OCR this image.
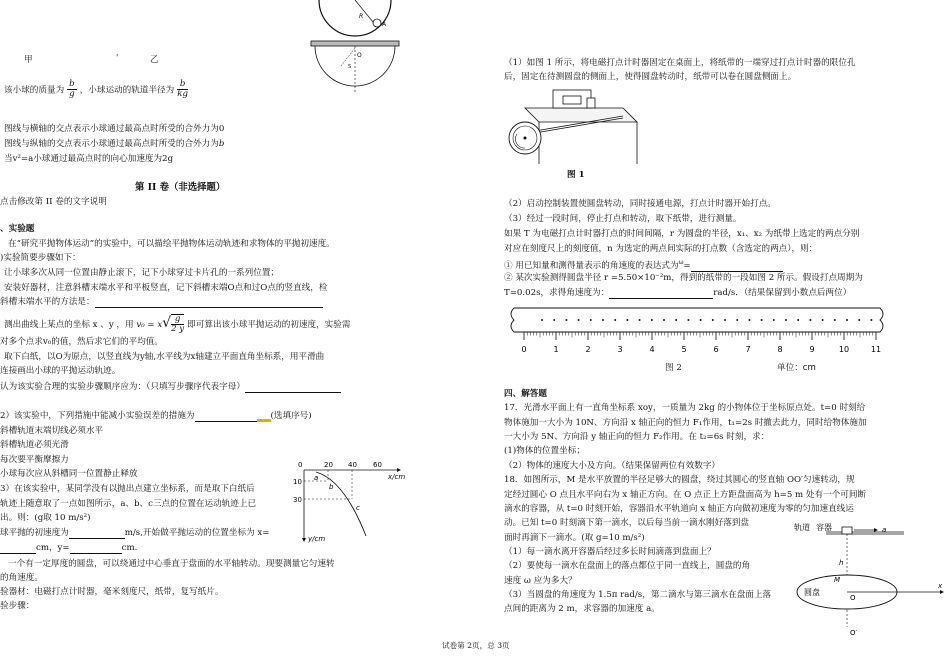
R
A
O
S
甲	'	乙
该小球的质量为 $\frac{b}{g}$ ，小球运动的轨道半径为 $\frac{b}{kg}$
图线与横轴的交点表示小球通过最高点时所受的合外力为0
图线与纵轴的交点表示小球通过最高点时所受的合外力为b
当v²=a小球通过最高点时的向心加速度为2g
第 II 卷（非选择题）
点击修改第 II 卷的文字说明
、实验题
在“研究平抛物体运动”的实验中，可以描绘平抛物体运动轨迹和求物体的平抛初速度。
)实验简要步骤如下：
让小球多次从同一位置由静止滚下，记下小球穿过卡片孔的一系列位置；
安装好器材，注意斜槽末端水平和平板竖直，记下斜槽末端O点和过O点的竖直线，检
斜槽末端水平的方法是：
测出曲线上某点的坐标 x 、y ，用 $v_0 = x√ \frac{g}{2 y}$ 即可算出该小球平抛运动的初速度，实验需
对多个点求v₀的值，然后求它们的平均值。
取下白纸，以O为原点，以竖直线为y轴,水平线为x轴建立平面直角坐标系，用平滑曲
连接画出小球的平抛运动轨迹。
认为该实验合理的实验步骤顺序应为：（只填写步骤序代表字母）
2）该实验中，下列措施中能减小实验误差的措施为	(选填序号)
斜槽轨道末端切线必须水平
斜槽轨道必须光滑
每次要平衡摩擦力
小球每次应从斜槽同一位置静止释放
3）在该实验中，某同学没有以抛出点建立坐标系，而是取下白纸后
轨迹上随意取了一点如图所示，a、b、c三点的位置在运动轨迹上已
出。则：(g取 10 m/s²)
球平抛的初速度为	m/s,开始做平抛运动的位置坐标为 x=
cm，y=	cm.
一个有一定厚度的圆盘，可以绕通过中心垂直于盘面的水平轴转动。现要测量它匀速转
的角速度。
验器材：电磁打点计时器，毫米刻度尺，纸带，复写纸片。
验步骤：
0	20 40 60
10
30
x/cm
y/cm
a
b
c
（1）如图 1 所示，将电磁打点计时器固定在桌面上，将纸带的一端穿过打点计时器的限位孔
后，固定在待测圆盘的侧面上，使得圆盘转动时，纸带可以卷在圆盘侧面上。
图 1
（2）启动控制装置使圆盘转动，同时接通电源，打点计时器开始打点。
（3）经过一段时间，停止打点和转动，取下纸带，进行测量。
如果 T 为电磁打点计时器打点的时间间隔，r 为圆盘的半径，x₁、x₂ 为纸带上选定的两点分别
对应在刻度尺上的刻度值，n 为选定的两点间实际的打点数（含选定的两点），则：
① 用已知量和测得量表示的角速度的表达式为$^\omega$=
② 某次实验测得圆盘半径 r =5.50×10⁻²m，得到的纸带的一段如图 2 所示。假设打点周期为
T=0.02s，求得角速度为：	rad/s．（结果保留到小数点后两位）
0	1	2	3	4	5	6	7	8	9	10	11
图 2	单位：cm
四、解答题
17．光滑水平面上有一直角坐标系 xoy，一质量为 2kg 的小物体位于坐标原点处。t=0 时刻给
物体施加一大小为 10N、方向沿 x 轴正向的恒力 F₁作用，t₁=2s 时撤去此力，同时给物体施加
一大小为 5N、方向沿 y 轴正向的恒力 F₂作用。在 t₂=6s 时刻，求：
(1)物体的位置坐标；
（2）物体的速度大小及方向。（结果保留两位有效数字）
18．如图所示，M 是水平放置的半径足够大的圆盘，绕过其圆心的竖直轴 OO′匀速转动，规
定经过圆心 O 点且水平向右为 x 轴正方向。在 O 点正上方距盘面高为 h=5 m 处有一个可间断
滴水的容器，从 t=0 时刻开始，容器沿水平轨道向 x 轴正方向做初速度为零的匀加速直线运
动。已知 t=0 时刻滴下第一滴水，以后每当前一滴水刚好落到盘
面时再滴下一滴水。(取 g=10 m/s²)
（1）每一滴水离开容器后经过多长时间滴落到盘面上？
（2）要使每一滴水在盘面上的落点都位于同一直线上，圆盘的角
速度 ω 应为多大？
（3）当圆盘的角速度为 1.5π rad/s，第二滴水与第三滴水在盘面上落
点间的距离为 2 m，求容器的加速度 a。
轨道 容器	a
h
M
O
圆盘
x
O′
试卷第 2页，总 3页
